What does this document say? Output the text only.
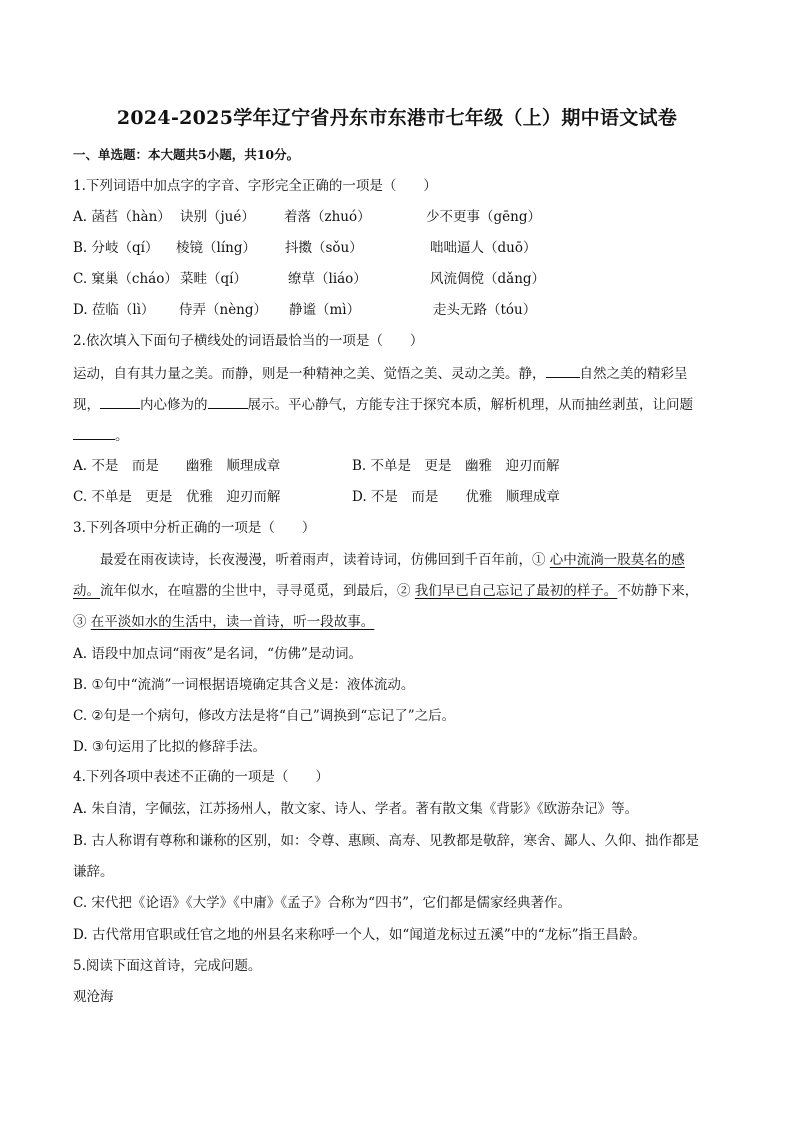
2024-2025学年辽宁省丹东市东港市七年级（上）期中语文试卷
一、单选题：本大题共5小题，共10分。
1.下列词语中加点字的字音、字形完全正确的一项是（　　）
A. 菡萏（hàn） 诀别（jué） 着落（zhuó）	少不更事（gēng）
B. 分岐（qí） 棱镜（líng） 抖擞（sǒu）	咄咄逼人（duō）
C. 窠巢（cháo） 菜畦（qí）	缭草（liáo）	风流倜傥（dǎng）
D. 莅临（lì） 侍弄（nèng） 静谧（mì）	走头无路（tóu）
2.依次填入下面句子横线处的词语最恰当的一项是（　　）
运动，自有其力量之美。而静，则是一种精神之美、觉悟之美、灵动之美。静，	自然之美的精彩呈
现，	内心修为的	展示。平心静气，方能专注于探究本质，解析机理，从而抽丝剥茧，让问题
。
A. 不是　而是　　幽雅　顺理成章	B. 不单是　更是　幽雅　迎刃而解
C. 不单是　更是　优雅　迎刃而解	D. 不是　而是　　优雅　顺理成章
3.下列各项中分析正确的一项是（　　）
最爱在雨夜读诗，长夜漫漫，听着雨声，读着诗词，仿佛回到千百年前，① 心中流淌一股莫名的感
动。流年似水，在喧嚣的尘世中，寻寻觅觅，到最后，② 我们早已自己忘记了最初的样子。不妨静下来，
③ 在平淡如水的生活中，读一首诗，听一段故事。
A. 语段中加点词“雨夜”是名词，“仿佛”是动词。
B. ①句中“流淌”一词根据语境确定其含义是：液体流动。
C. ②句是一个病句，修改方法是将“自己”调换到“忘记了”之后。
D. ③句运用了比拟的修辞手法。
4.下列各项中表述不正确的一项是（　　）
A. 朱自清，字佩弦，江苏扬州人，散文家、诗人、学者。著有散文集《背影》《欧游杂记》等。
B. 古人称谓有尊称和谦称的区别，如：令尊、惠顾、高寿、见教都是敬辞，寒舍、鄙人、久仰、拙作都是
谦辞。
C. 宋代把《论语》《大学》《中庸》《孟子》合称为“四书”，它们都是儒家经典著作。
D. 古代常用官职或任官之地的州县名来称呼一个人，如“闻道龙标过五溪”中的“龙标”指王昌龄。
5.阅读下面这首诗，完成问题。
观沧海
